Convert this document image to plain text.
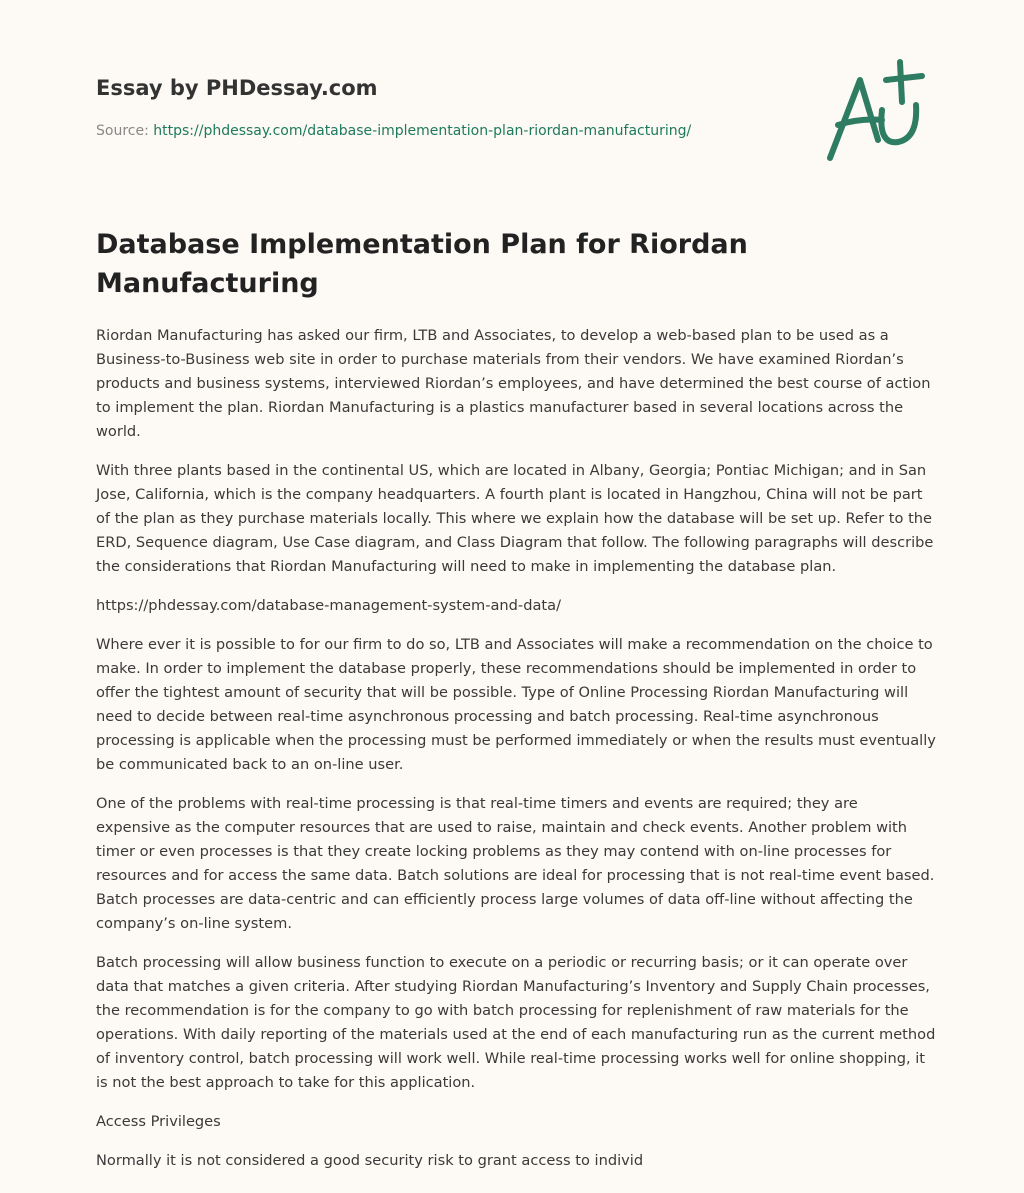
Essay by PHDessay.com
Source: https://phdessay.com/database-implementation-plan-riordan-manufacturing/
Database Implementation Plan for Riordan Manufacturing

Riordan Manufacturing has asked our firm, LTB and Associates, to develop a web-based plan to be used as a Business-to-Business web site in order to purchase materials from their vendors. We have examined Riordan’s products and business systems, interviewed Riordan’s employees, and have determined the best course of action to implement the plan. Riordan Manufacturing is a plastics manufacturer based in several locations across the world.

With three plants based in the continental US, which are located in Albany, Georgia; Pontiac Michigan; and in San Jose, California, which is the company headquarters. A fourth plant is located in Hangzhou, China will not be part of the plan as they purchase materials locally. This where we explain how the database will be set up. Refer to the ERD, Sequence diagram, Use Case diagram, and Class Diagram that follow. The following paragraphs will describe the considerations that Riordan Manufacturing will need to make in implementing the database plan.

https://phdessay.com/database-management-system-and-data/

Where ever it is possible to for our firm to do so, LTB and Associates will make a recommendation on the choice to make. In order to implement the database properly, these recommendations should be implemented in order to offer the tightest amount of security that will be possible. Type of Online Processing Riordan Manufacturing will need to decide between real-time asynchronous processing and batch processing. Real-time asynchronous processing is applicable when the processing must be performed immediately or when the results must eventually be communicated back to an on-line user.

One of the problems with real-time processing is that real-time timers and events are required; they are expensive as the computer resources that are used to raise, maintain and check events. Another problem with timer or even processes is that they create locking problems as they may contend with on-line processes for resources and for access the same data. Batch solutions are ideal for processing that is not real-time event based. Batch processes are data-centric and can efficiently process large volumes of data off-line without affecting the company’s on-line system.

Batch processing will allow business function to execute on a periodic or recurring basis; or it can operate over data that matches a given criteria. After studying Riordan Manufacturing’s Inventory and Supply Chain processes, the recommendation is for the company to go with batch processing for replenishment of raw materials for the operations. With daily reporting of the materials used at the end of each manufacturing run as the current method of inventory control, batch processing will work well. While real-time processing works well for online shopping, it is not the best approach to take for this application.

Access Privileges

Normally it is not considered a good security risk to grant access to individ
